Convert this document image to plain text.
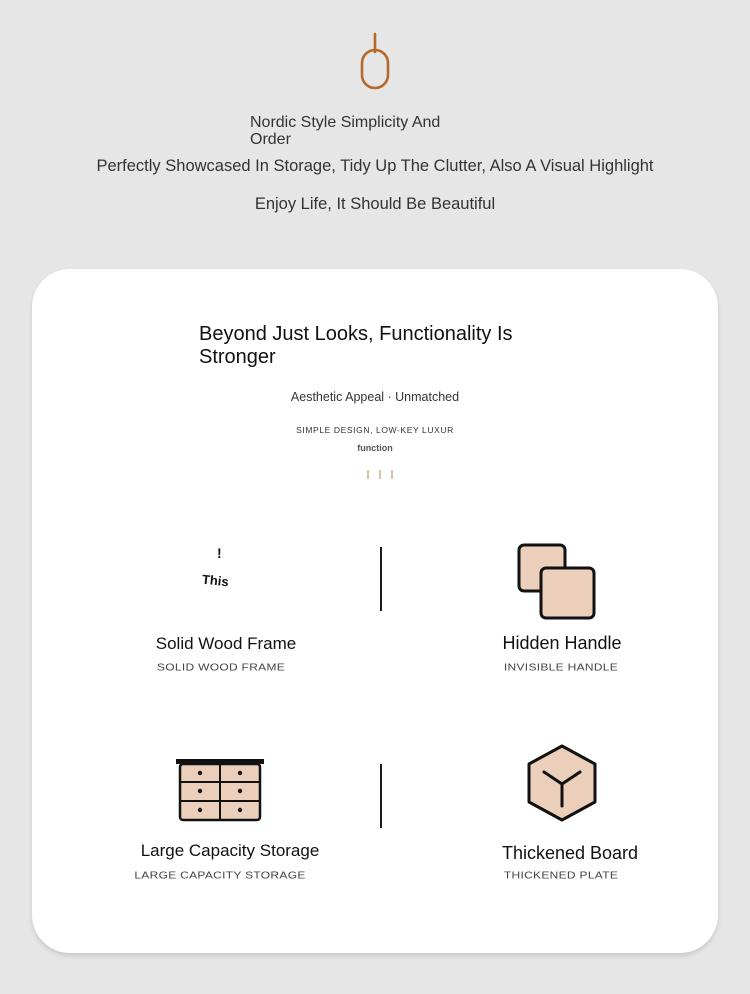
Nordic Style Simplicity And Order
Perfectly Showcased In Storage, Tidy Up The Clutter, Also A Visual Highlight
Enjoy Life, It Should Be Beautiful
Beyond Just Looks, Functionality Is Stronger
Aesthetic Appeal · Unmatched
SIMPLE DESIGN, LOW-KEY LUXUR
function
!
This
Solid Wood Frame
SOLID WOOD FRAME
Hidden Handle
INVISIBLE HANDLE
Large Capacity Storage
LARGE CAPACITY STORAGE
Thickened Board
THICKENED PLATE
